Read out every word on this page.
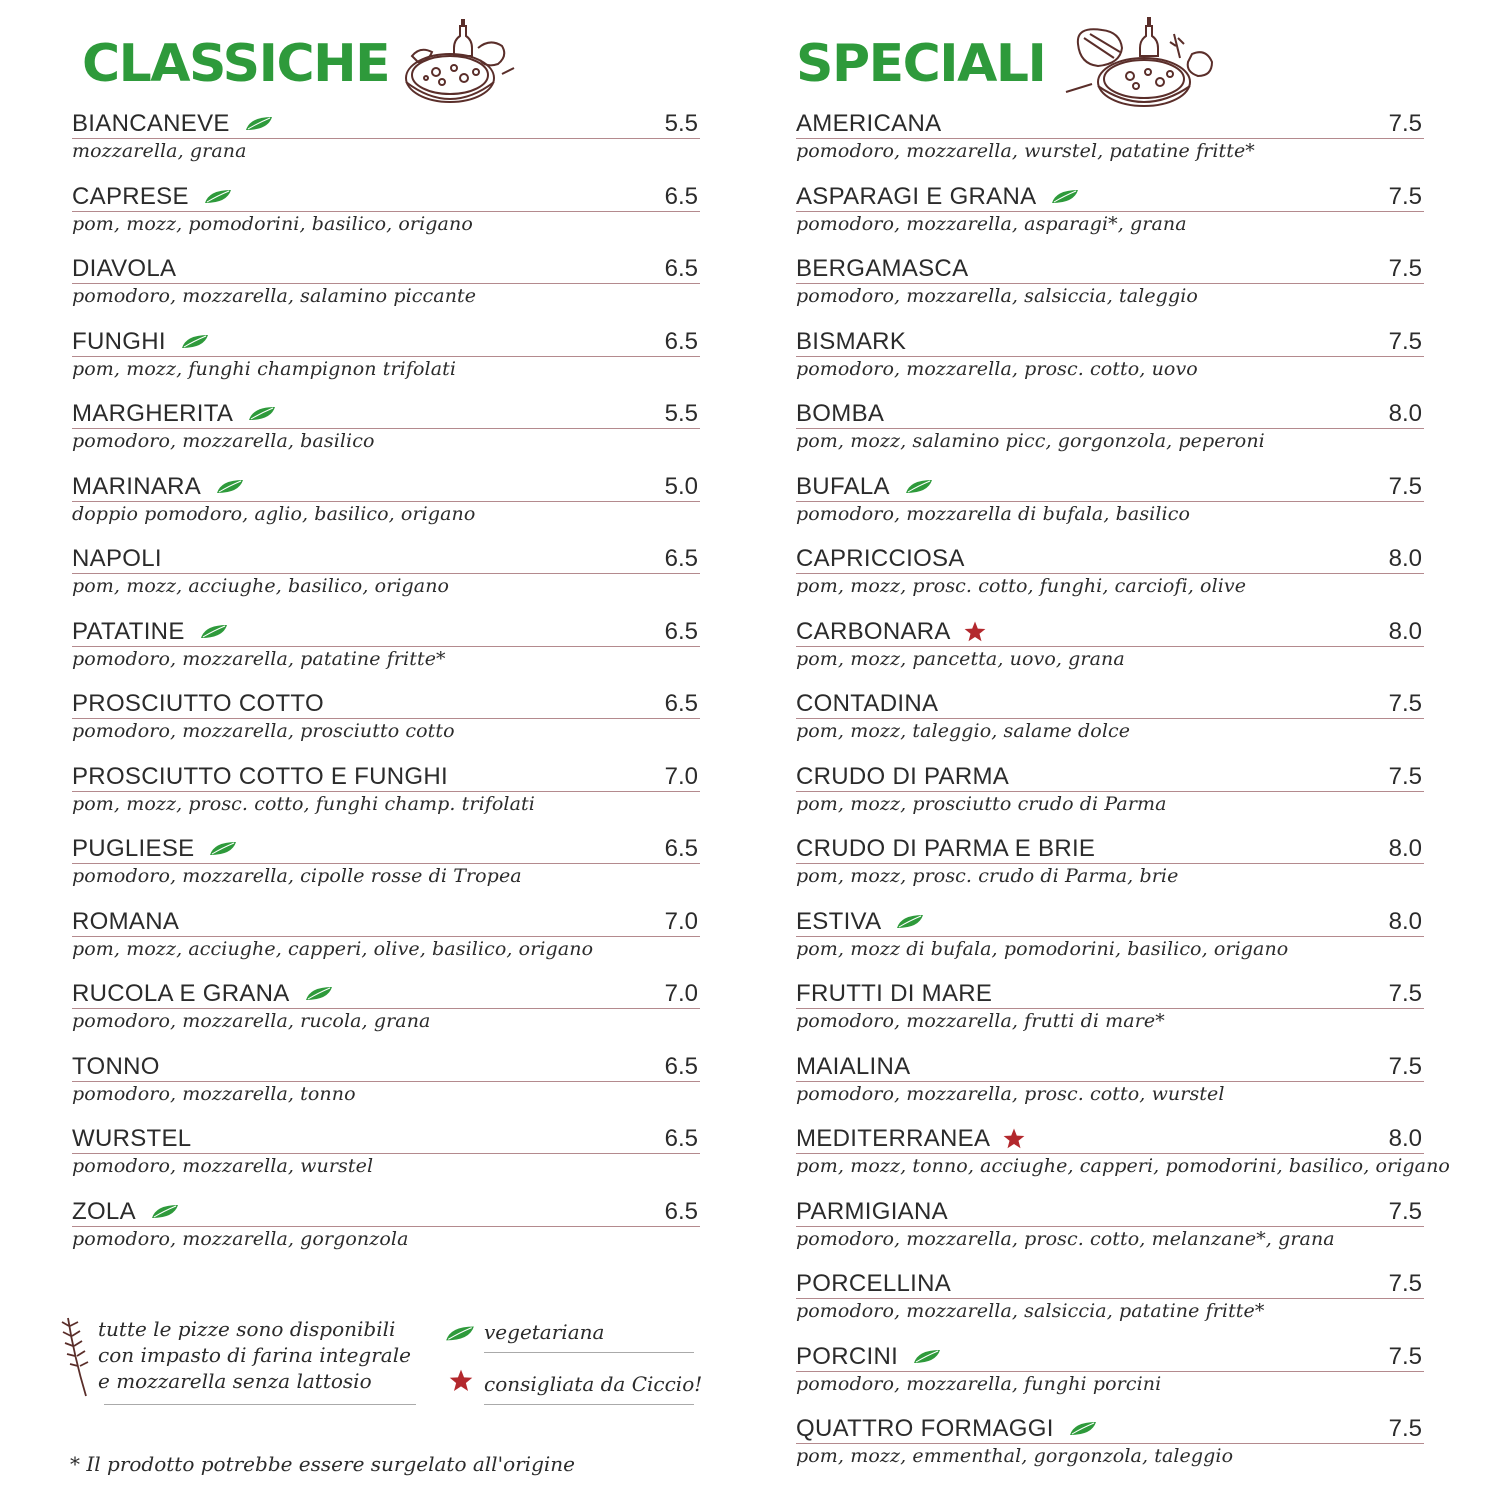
CLASSICHE
BIANCANEVE	5.5
mozzarella, grana
CAPRESE	6.5
pom, mozz, pomodorini, basilico, origano
DIAVOLA	6.5
pomodoro, mozzarella, salamino piccante
FUNGHI	6.5
pom, mozz, funghi champignon trifolati
MARGHERITA	5.5
pomodoro, mozzarella, basilico
MARINARA	5.0
doppio pomodoro, aglio, basilico, origano
NAPOLI	6.5
pom, mozz, acciughe, basilico, origano
PATATINE	6.5
pomodoro, mozzarella, patatine fritte*
PROSCIUTTO COTTO	6.5
pomodoro, mozzarella, prosciutto cotto
PROSCIUTTO COTTO E FUNGHI	7.0
pom, mozz, prosc. cotto, funghi champ. trifolati
PUGLIESE	6.5
pomodoro, mozzarella, cipolle rosse di Tropea
ROMANA	7.0
pom, mozz, acciughe, capperi, olive, basilico, origano
RUCOLA E GRANA	7.0
pomodoro, mozzarella, rucola, grana
TONNO	6.5
pomodoro, mozzarella, tonno
WURSTEL	6.5
pomodoro, mozzarella, wurstel
ZOLA	6.5
pomodoro, mozzarella, gorgonzola
SPECIALI
AMERICANA	7.5
pomodoro, mozzarella, wurstel, patatine fritte*
ASPARAGI E GRANA	7.5
pomodoro, mozzarella, asparagi*, grana
BERGAMASCA	7.5
pomodoro, mozzarella, salsiccia, taleggio
BISMARK	7.5
pomodoro, mozzarella, prosc. cotto, uovo
BOMBA	8.0
pom, mozz, salamino picc, gorgonzola, peperoni
BUFALA	7.5
pomodoro, mozzarella di bufala, basilico
CAPRICCIOSA	8.0
pom, mozz, prosc. cotto, funghi, carciofi, olive
CARBONARA	8.0
pom, mozz, pancetta, uovo, grana
CONTADINA	7.5
pom, mozz, taleggio, salame dolce
CRUDO DI PARMA	7.5
pom, mozz, prosciutto crudo di Parma
CRUDO DI PARMA E BRIE	8.0
pom, mozz, prosc. crudo di Parma, brie
ESTIVA	8.0
pom, mozz di bufala, pomodorini, basilico, origano
FRUTTI DI MARE	7.5
pomodoro, mozzarella, frutti di mare*
MAIALINA	7.5
pomodoro, mozzarella, prosc. cotto, wurstel
MEDITERRANEA	8.0
pom, mozz, tonno, acciughe, capperi, pomodorini, basilico, origano
PARMIGIANA	7.5
pomodoro, mozzarella, prosc. cotto, melanzane*, grana
PORCELLINA	7.5
pomodoro, mozzarella, salsiccia, patatine fritte*
PORCINI	7.5
pomodoro, mozzarella, funghi porcini
QUATTRO FORMAGGI	7.5
pom, mozz, emmenthal, gorgonzola, taleggio
tutte le pizze sono disponibili
con impasto di farina integrale
e mozzarella senza lattosio
vegetariana
consigliata da Ciccio!
* Il prodotto potrebbe essere surgelato all'origine
